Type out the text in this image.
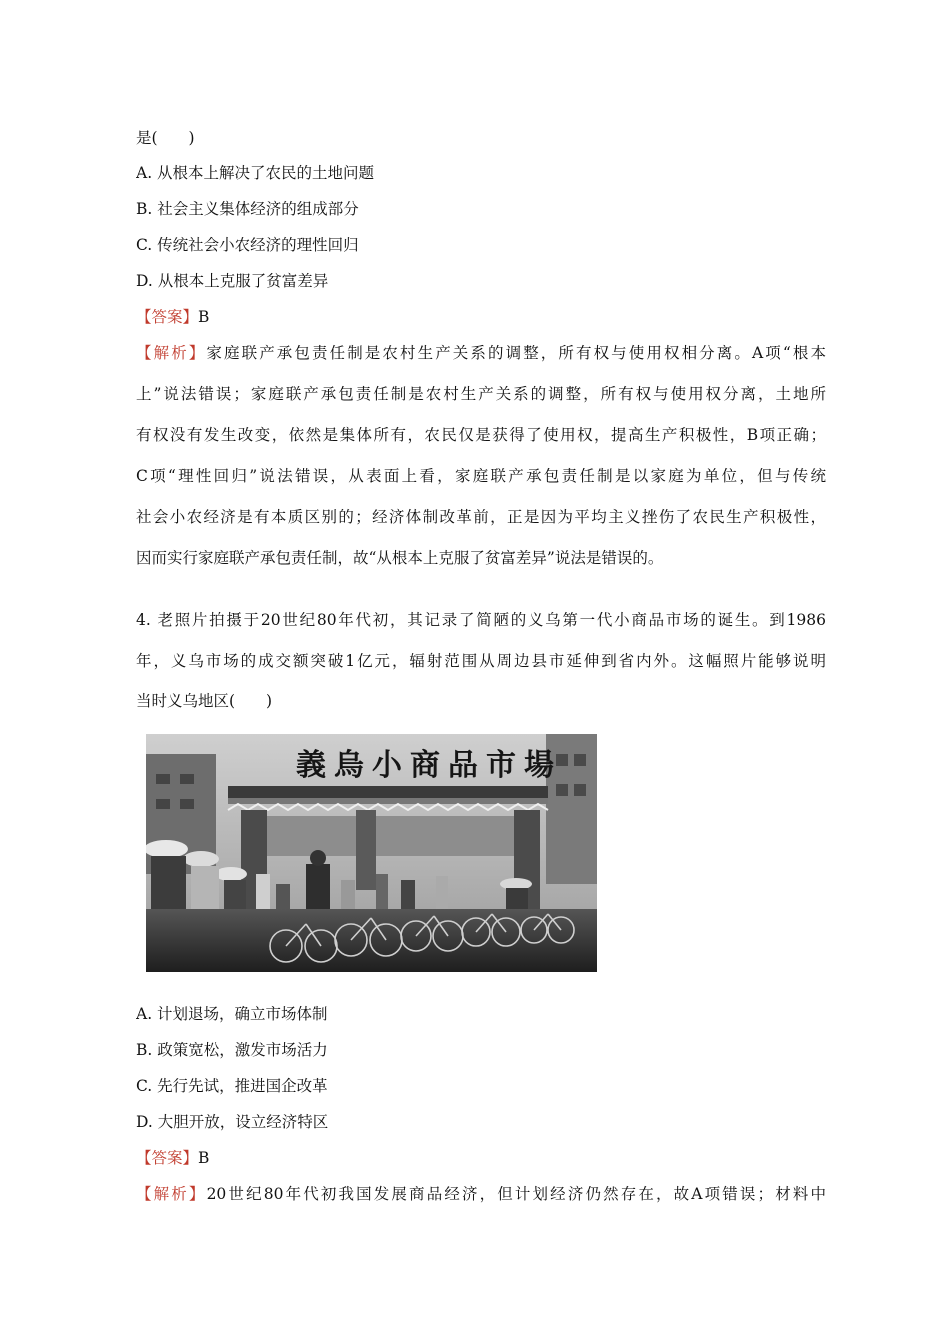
是(　　)
A. 从根本上解决了农民的土地问题
B. 社会主义集体经济的组成部分
C. 传统社会小农经济的理性回归
D. 从根本上克服了贫富差异
【答案】B
【解析】家庭联产承包责任制是农村生产关系的调整，所有权与使用权相分离。A项“根本
上”说法错误；家庭联产承包责任制是农村生产关系的调整，所有权与使用权分离，土地所
有权没有发生改变，依然是集体所有，农民仅是获得了使用权，提高生产积极性，B项正确；
C项“理性回归”说法错误，从表面上看，家庭联产承包责任制是以家庭为单位，但与传统
社会小农经济是有本质区别的；经济体制改革前，正是因为平均主义挫伤了农民生产积极性，
因而实行家庭联产承包责任制，故“从根本上克服了贫富差异”说法是错误的。
4. 老照片拍摄于20世纪80年代初，其记录了简陋的义乌第一代小商品市场的诞生。到1986
年，义乌市场的成交额突破1亿元，辐射范围从周边县市延伸到省内外。这幅照片能够说明
当时义乌地区(　　)
義烏小商品市場
A. 计划退场，确立市场体制
B. 政策宽松，激发市场活力
C. 先行先试，推进国企改革
D. 大胆开放，设立经济特区
【答案】B
【解析】20世纪80年代初我国发展商品经济，但计划经济仍然存在，故A项错误；材料中
